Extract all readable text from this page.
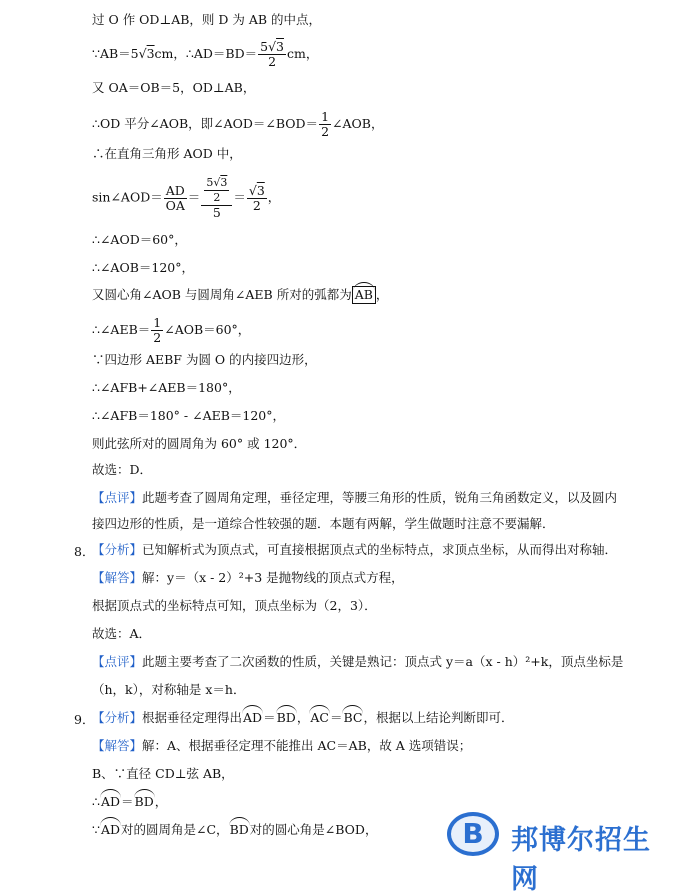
过 O 作 OD⊥AB，则 D 为 AB 的中点，
∵AB＝5√3cm，∴AD＝BD＝ $\frac{5√3}{2}$ cm，
又 OA＝OB＝5，OD⊥AB，
∴OD 平分∠AOB，即∠AOD＝∠BOD＝ $\frac{1}{2}$ ∠AOB，
∴在直角三角形 AOD 中，
sin∠AOD＝ $\frac{AD}{OA} = \frac{\frac{5√3}{2}}{5} = \frac{√3}{2}$ ，
∴∠AOD＝60°，
∴∠AOB＝120°，
又圆心角∠AOB 与圆周角∠AEB 所对的弧都为 AB ，
∴∠AEB＝ $\frac{1}{2}$ ∠AOB＝60°，
∵四边形 AEBF 为圆 O 的内接四边形，
∴∠AFB+∠AEB＝180°，
∴∠AFB＝180° - ∠AEB＝120°，
则此弦所对的圆周角为 60° 或 120°．
故选：D．
【点评】此题考查了圆周角定理，垂径定理，等腰三角形的性质，锐角三角函数定义，以及圆内
接四边形的性质，是一道综合性较强的题．本题有两解，学生做题时注意不要漏解．
8．
【分析】已知解析式为顶点式，可直接根据顶点式的坐标特点，求顶点坐标，从而得出对称轴．
【解答】解：y＝（x - 2）²+3 是抛物线的顶点式方程，
根据顶点式的坐标特点可知，顶点坐标为（2，3）．
故选：A．
【点评】此题主要考查了二次函数的性质，关键是熟记：顶点式 y＝a（x - h）²+k，顶点坐标是
（h，k），对称轴是 x＝h．
9．
【分析】根据垂径定理得出AD＝BD，AC＝BC，根据以上结论判断即可．
【解答】解：A、根据垂径定理不能推出 AC＝AB，故 A 选项错误；
B、∵直径 CD⊥弦 AB，
∴AD＝BD，
∵AD对的圆周角是∠C，BD对的圆心角是∠BOD，	B	邦博尔招生网
